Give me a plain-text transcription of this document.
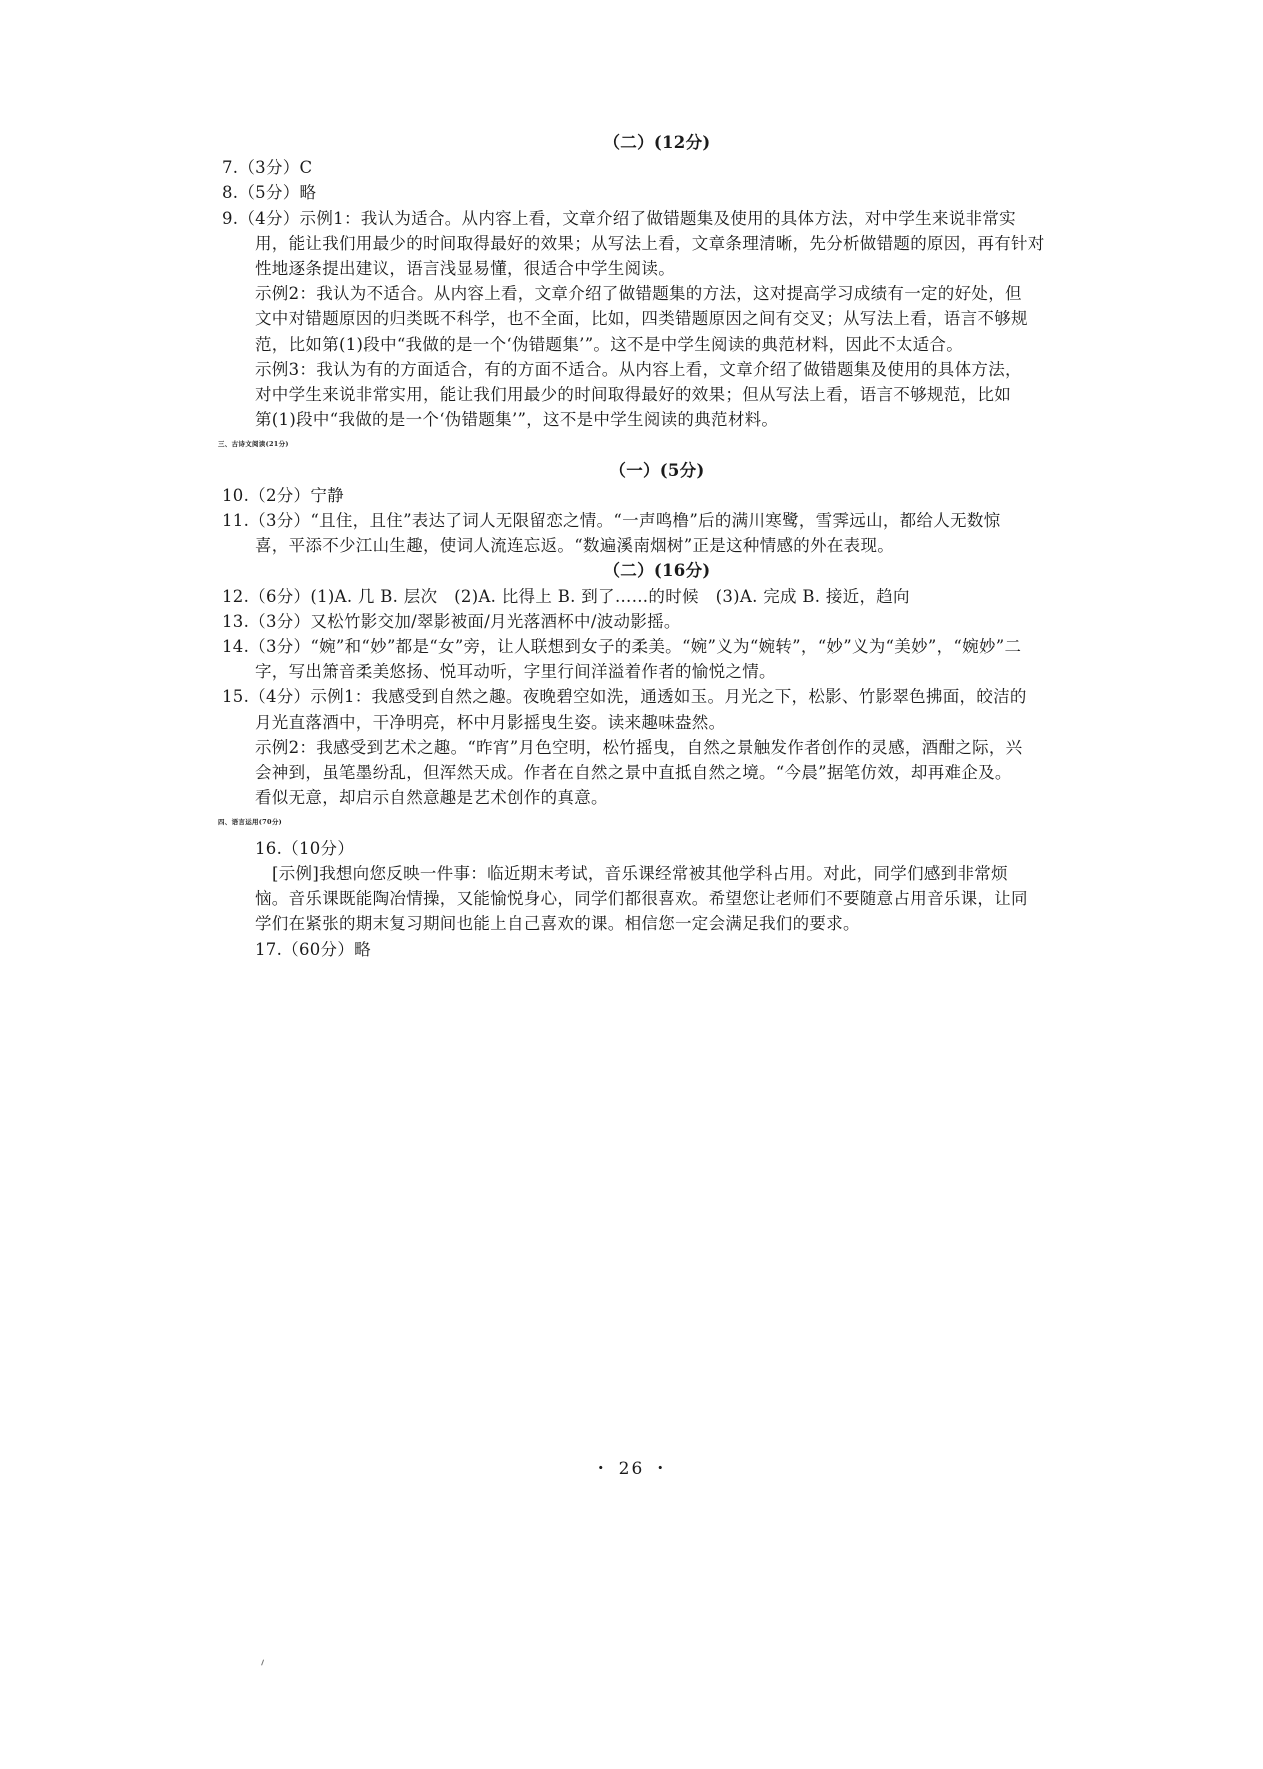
（二）(12分)
7.（3分）C
8.（5分）略
9.（4分）示例1：我认为适合。从内容上看，文章介绍了做错题集及使用的具体方法，对中学生来说非常实
用，能让我们用最少的时间取得最好的效果；从写法上看，文章条理清晰，先分析做错题的原因，再有针对
性地逐条提出建议，语言浅显易懂，很适合中学生阅读。
示例2：我认为不适合。从内容上看，文章介绍了做错题集的方法，这对提高学习成绩有一定的好处，但
文中对错题原因的归类既不科学，也不全面，比如，四类错题原因之间有交叉；从写法上看，语言不够规
范，比如第(1)段中“我做的是一个‘伪错题集’”。这不是中学生阅读的典范材料，因此不太适合。
示例3：我认为有的方面适合，有的方面不适合。从内容上看，文章介绍了做错题集及使用的具体方法，
对中学生来说非常实用，能让我们用最少的时间取得最好的效果；但从写法上看，语言不够规范，比如
第(1)段中“我做的是一个‘伪错题集’”，这不是中学生阅读的典范材料。
三、古诗文阅读(21分)
（一）(5分)
10.（2分）宁静
11.（3分）“且住，且住”表达了词人无限留恋之情。“一声鸣橹”后的满川寒鹭，雪霁远山，都给人无数惊
喜，平添不少江山生趣，使词人流连忘返。“数遍溪南烟树”正是这种情感的外在表现。
（二）(16分)
12.（6分）(1)A. 几 B. 层次　(2)A. 比得上 B. 到了……的时候　(3)A. 完成 B. 接近，趋向
13.（3分）又松竹影交加/翠影被面/月光落酒杯中/波动影摇。
14.（3分）“婉”和“妙”都是“女”旁，让人联想到女子的柔美。“婉”义为“婉转”，“妙”义为“美妙”，“婉妙”二
字，写出箫音柔美悠扬、悦耳动听，字里行间洋溢着作者的愉悦之情。
15.（4分）示例1：我感受到自然之趣。夜晚碧空如洗，通透如玉。月光之下，松影、竹影翠色拂面，皎洁的
月光直落酒中，干净明亮，杯中月影摇曳生姿。读来趣味盎然。
示例2：我感受到艺术之趣。“昨宵”月色空明，松竹摇曳，自然之景触发作者创作的灵感，酒酣之际，兴
会神到，虽笔墨纷乱，但浑然天成。作者在自然之景中直抵自然之境。“今晨”据笔仿效，却再难企及。
看似无意，却启示自然意趣是艺术创作的真意。
四、语言运用(70分)
16.（10分）
[示例]我想向您反映一件事：临近期末考试，音乐课经常被其他学科占用。对此，同学们感到非常烦
恼。音乐课既能陶冶情操，又能愉悦身心，同学们都很喜欢。希望您让老师们不要随意占用音乐课，让同
学们在紧张的期末复习期间也能上自己喜欢的课。相信您一定会满足我们的要求。
17.（60分）略
・ 26 ・
